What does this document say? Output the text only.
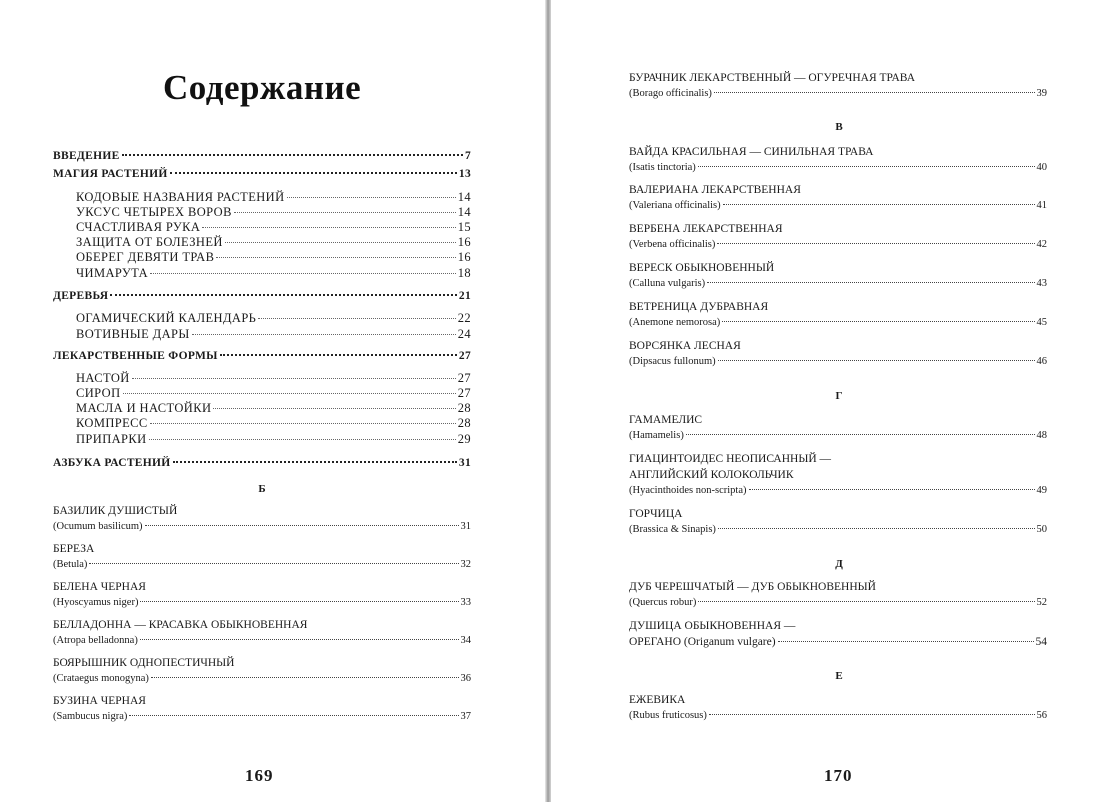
Содержание
ВВЕДЕНИЕ	7
МАГИЯ РАСТЕНИЙ	13
КОДОВЫЕ НАЗВАНИЯ РАСТЕНИЙ	14
УКСУС ЧЕТЫРЕХ ВОРОВ	14
СЧАСТЛИВАЯ РУКА	15
ЗАЩИТА ОТ БОЛЕЗНЕЙ	16
ОБЕРЕГ ДЕВЯТИ ТРАВ	16
ЧИМАРУТА	18
ДЕРЕВЬЯ	21
ОГАМИЧЕСКИЙ КАЛЕНДАРЬ	22
ВОТИВНЫЕ ДАРЫ	24
ЛЕКАРСТВЕННЫЕ ФОРМЫ	27
НАСТОЙ	27
СИРОП	27
МАСЛА И НАСТОЙКИ	28
КОМПРЕСС	28
ПРИПАРКИ	29
АЗБУКА РАСТЕНИЙ	31
Б
БАЗИЛИК ДУШИСТЫЙ
(Ocumum basilicum)	31
БЕРЕЗА
(Betula)	32
БЕЛЕНА ЧЕРНАЯ
(Hyoscyamus niger)	33
БЕЛЛАДОННА — КРАСАВКА ОБЫКНОВЕННАЯ
(Atropa belladonna)	34
БОЯРЫШНИК ОДНОПЕСТИЧНЫЙ
(Crataegus monogyna)	36
БУЗИНА ЧЕРНАЯ
(Sambucus nigra)	37
169
БУРАЧНИК ЛЕКАРСТВЕННЫЙ — ОГУРЕЧНАЯ ТРАВА
(Borago officinalis)	39
В
ВАЙДА КРАСИЛЬНАЯ — СИНИЛЬНАЯ ТРАВА
(Isatis tinctoria)	40
ВАЛЕРИАНА ЛЕКАРСТВЕННАЯ
(Valeriana officinalis)	41
ВЕРБЕНА ЛЕКАРСТВЕННАЯ
(Verbena officinalis)	42
ВЕРЕСК ОБЫКНОВЕННЫЙ
(Calluna vulgaris)	43
ВЕТРЕНИЦА ДУБРАВНАЯ
(Anemone nemorosa)	45
ВОРСЯНКА ЛЕСНАЯ
(Dipsacus fullonum)	46
Г
ГАМАМЕЛИС
(Hamamelis)	48
ГИАЦИНТОИДЕС НЕОПИСАННЫЙ —
АНГЛИЙСКИЙ КОЛОКОЛЬЧИК
(Hyacinthoides non-scripta)	49
ГОРЧИЦА
(Brassica & Sinapis)	50
Д
ДУБ ЧЕРЕШЧАТЫЙ — ДУБ ОБЫКНОВЕННЫЙ
(Quercus robur)	52
ДУШИЦА ОБЫКНОВЕННАЯ —
ОРЕГАНО (Origanum vulgare)	54
Е
ЕЖЕВИКА
(Rubus fruticosus)	56
170
